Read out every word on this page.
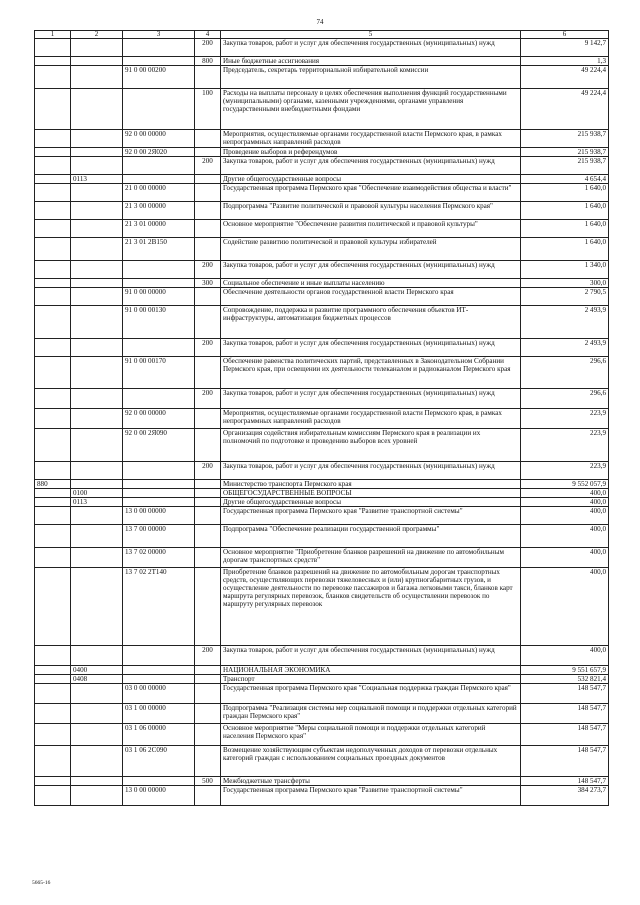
74
1	2	3	4	5	6
			200	Закупка товаров, работ и услуг для обеспечения государственных (муниципальных) нужд	9 142,7
			800	Иные бюджетные ассигнования	1,3
		91 0 00 00200		Председатель, секретарь территориальной избирательной комиссии	49 224,4
			100	Расходы на выплаты персоналу в целях обеспечения выполнения функций государственными (муниципальными) органами, казенными учреждениями, органами управления государственными внебюджетными фондами	49 224,4
		92 0 00 00000		Мероприятия, осуществляемые органами государственной власти Пермского края, в рамках непрограммных направлений расходов	215 938,7
		92 0 00 2Я020		Проведение выборов и референдумов	215 938,7
			200	Закупка товаров, работ и услуг для обеспечения государственных (муниципальных) нужд	215 938,7
	0113			Другие общегосударственные вопросы	4 654,4
		21 0 00 00000		Государственная программа Пермского края "Обеспечение взаимодействия общества и власти"	1 640,0
		21 3 00 00000		Подпрограмма "Развитие политической и правовой культуры населения Пермского края"	1 640,0
		21 3 01 00000		Основное мероприятие "Обеспечение развития политической и правовой культуры"	1 640,0
		21 3 01 2В150		Содействие развитию политической и правовой культуры избирателей	1 640,0
			200	Закупка товаров, работ и услуг для обеспечения государственных (муниципальных) нужд	1 340,0
			300	Социальное обеспечение и иные выплаты населению	300,0
		91 0 00 00000		Обеспечение деятельности органов государственной власти Пермского края	2 790,5
		91 0 00 00130		Сопровождение, поддержка и развитие программного обеспечения объектов ИТ-инфраструктуры, автоматизация бюджетных процессов	2 493,9
			200	Закупка товаров, работ и услуг для обеспечения государственных (муниципальных) нужд	2 493,9
		91 0 00 00170		Обеспечение равенства политических партий, представленных в Законодательном Собрании Пермского края, при освещении их деятельности телеканалом и радиоканалом Пермского края	296,6
			200	Закупка товаров, работ и услуг для обеспечения государственных (муниципальных) нужд	296,6
		92 0 00 00000		Мероприятия, осуществляемые органами государственной власти Пермского края, в рамках непрограммных направлений расходов	223,9
		92 0 00 2Я090		Организация содействия избирательным комиссиям Пермского края в реализации их полномочий по подготовке и проведению выборов всех уровней	223,9
			200	Закупка товаров, работ и услуг для обеспечения государственных (муниципальных) нужд	223,9
880				Министерство транспорта Пермского края	9 552 057,9
	0100			ОБЩЕГОСУДАРСТВЕННЫЕ ВОПРОСЫ	400,0
	0113			Другие общегосударственные вопросы	400,0
		13 0 00 00000		Государственная программа Пермского края "Развитие транспортной системы"	400,0
		13 7 00 00000		Подпрограмма "Обеспечение реализации государственной программы"	400,0
		13 7 02 00000		Основное мероприятие "Приобретение бланков разрешений на движение по автомобильным дорогам транспортных средств"	400,0
		13 7 02 2Т140		Приобретение бланков разрешений на движение по автомобильным дорогам транспортных средств, осуществляющих перевозки тяжеловесных и (или) крупногабаритных грузов, и осуществление деятельности по перевозке пассажиров и багажа легковыми такси, бланков карт маршрута регулярных перевозок, бланков свидетельств об осуществлении перевозок по маршруту регулярных перевозок	400,0
			200	Закупка товаров, работ и услуг для обеспечения государственных (муниципальных) нужд	400,0
	0400			НАЦИОНАЛЬНАЯ ЭКОНОМИКА	9 551 657,9
	0408			Транспорт	532 821,4
		03 0 00 00000		Государственная программа Пермского края "Социальная поддержка граждан Пермского края"	148 547,7
		03 1 00 00000		Подпрограмма "Реализация системы мер социальной помощи и поддержки отдельных категорий граждан Пермского края"	148 547,7
		03 1 06 00000		Основное мероприятие "Меры социальной помощи и поддержки отдельных категорий населения Пермского края"	148 547,7
		03 1 06 2С090		Возмещение хозяйствующим субъектам недополученных доходов от перевозки отдельных категорий граждан с использованием социальных проездных документов	148 547,7
			500	Межбюджетные трансферты	148 547,7
		13 0 00 00000		Государственная программа Пермского края "Развитие транспортной системы"	384 273,7
5665-16
